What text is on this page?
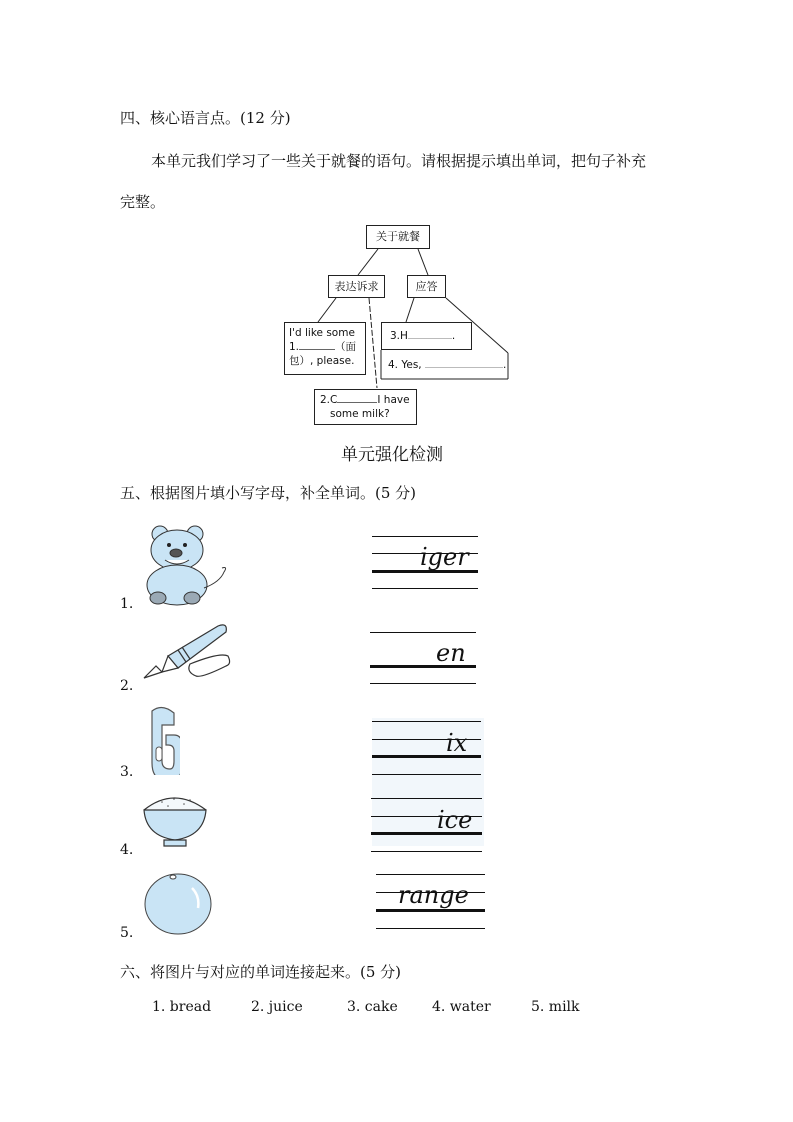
四、核心语言点。(12 分)
本单元我们学习了一些关于就餐的语句。请根据提示填出单词，把句子补充
完整。
关于就餐
表达诉求	应答
I'd like some
1.	（面
包）, please.
2.C	I have
some milk?
3.H	.
4. Yes,	.
单元强化检测
五、根据图片填小写字母，补全单词。(5 分)
1.
iger
2.
en
3.
ix
4.
ice
5.
range
六、将图片与对应的单词连接起来。(5 分)
1. bread	2. juice	3. cake 4. water	5. milk
